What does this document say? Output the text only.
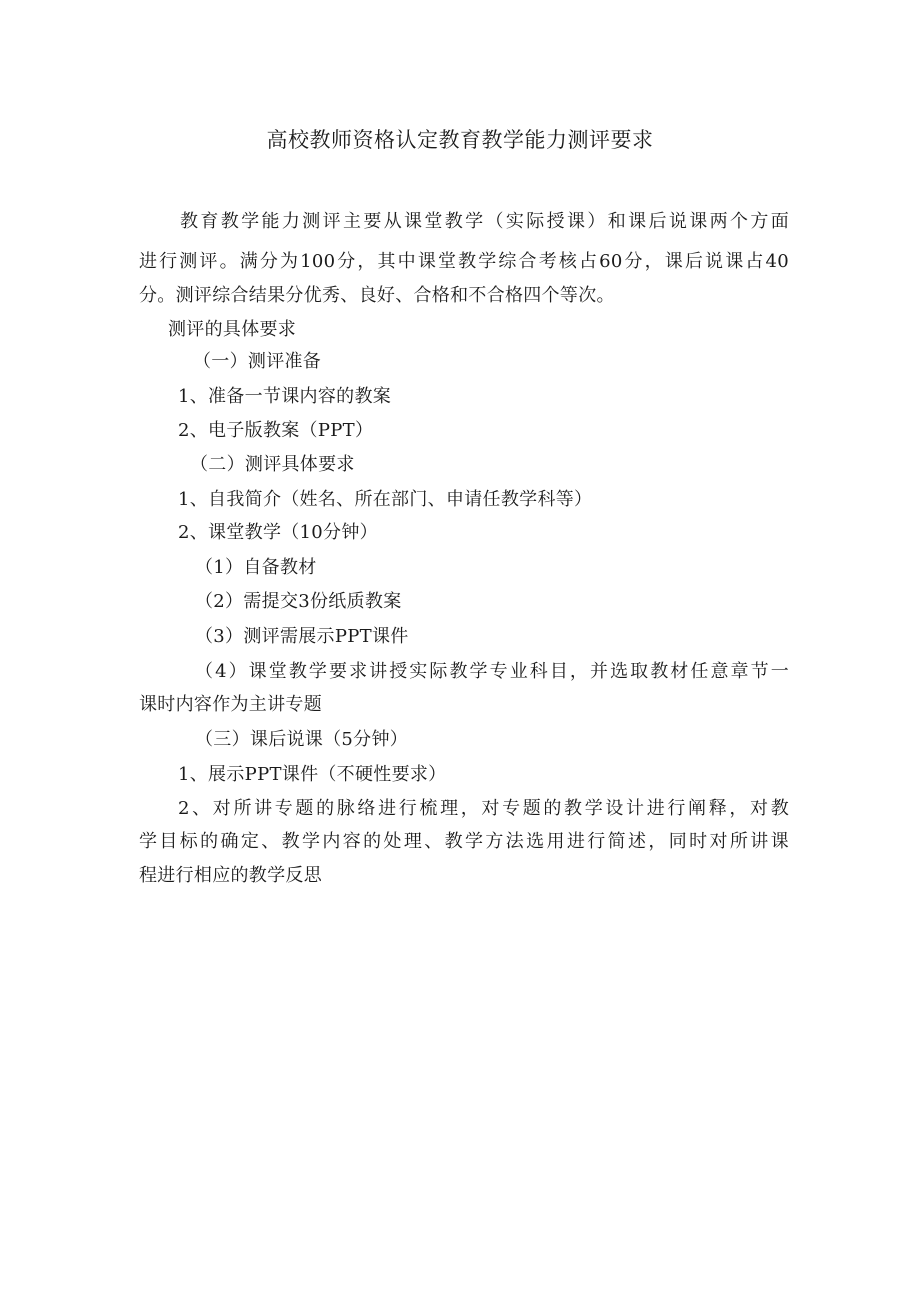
高校教师资格认定教育教学能力测评要求
教育教学能力测评主要从课堂教学（实际授课）和课后说课两个方面
进行测评。满分为100分，其中课堂教学综合考核占60分，课后说课占40
分。测评综合结果分优秀、良好、合格和不合格四个等次。
测评的具体要求
（一）测评准备
1、准备一节课内容的教案
2、电子版教案（PPT）
（二）测评具体要求
1、自我简介（姓名、所在部门、申请任教学科等）
2、课堂教学（10分钟）
（1）自备教材
（2）需提交3份纸质教案
（3）测评需展示PPT课件
（4）课堂教学要求讲授实际教学专业科目，并选取教材任意章节一
课时内容作为主讲专题
（三）课后说课（5分钟）
1、展示PPT课件（不硬性要求）
2、对所讲专题的脉络进行梳理，对专题的教学设计进行阐释，对教
学目标的确定、教学内容的处理、教学方法选用进行简述，同时对所讲课
程进行相应的教学反思
